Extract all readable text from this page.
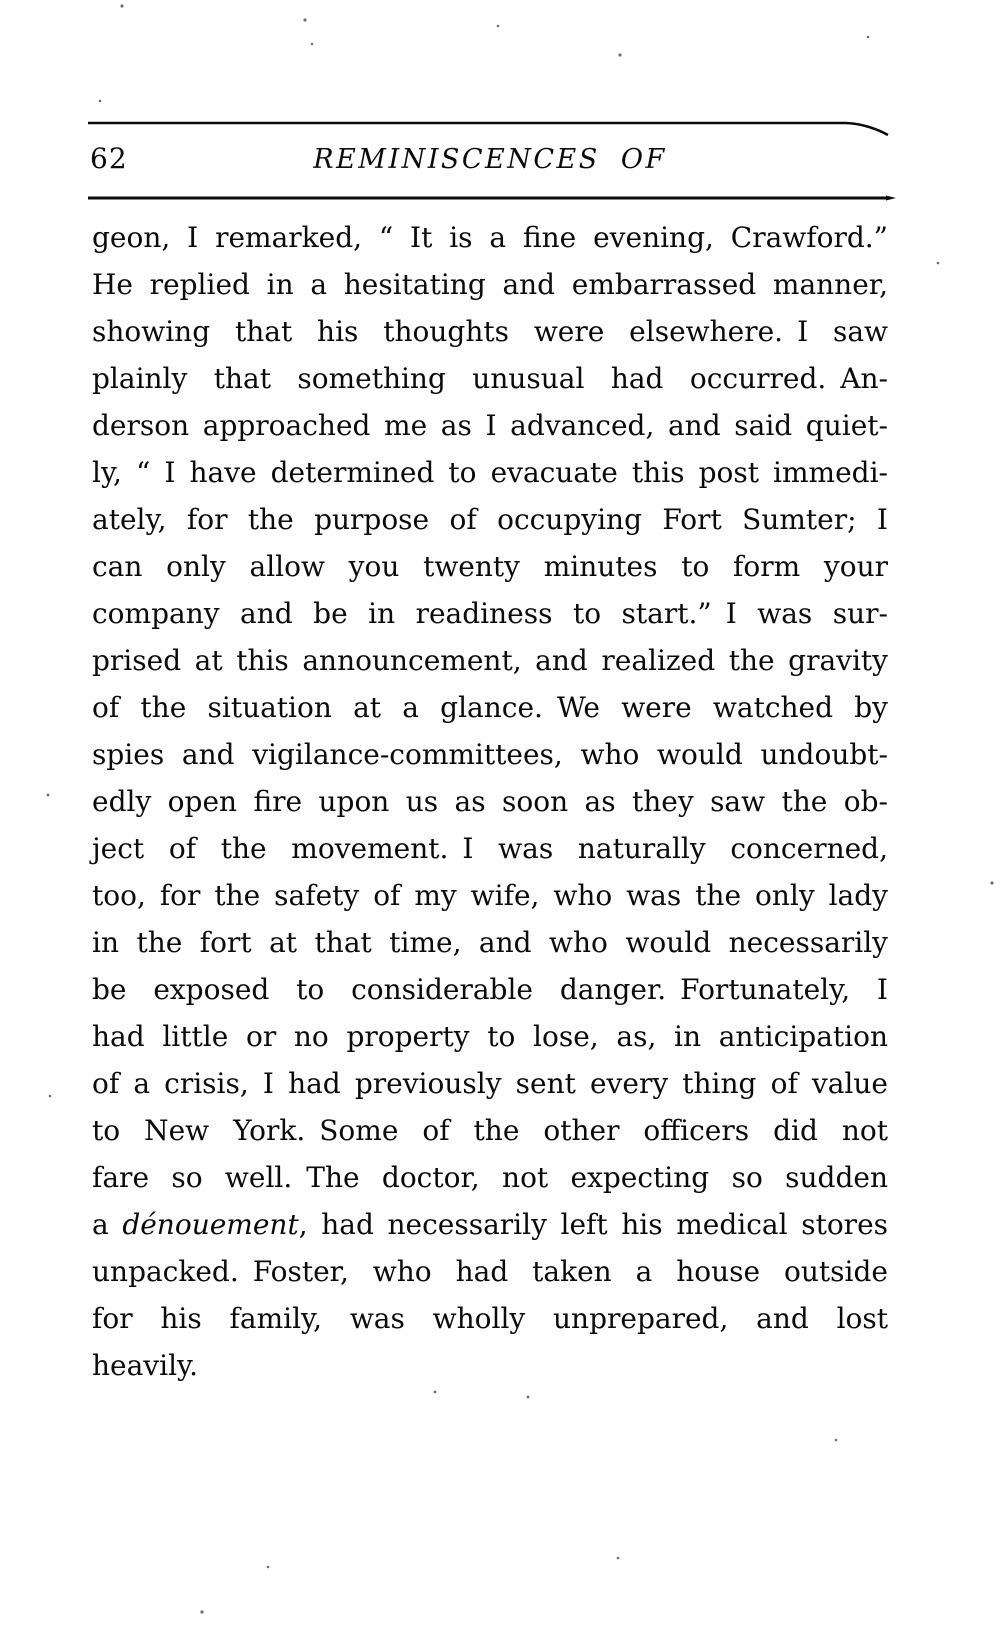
62	REMINISCENCES OF
geon, I remarked, “ It is a fine evening, Crawford.”
He replied in a hesitating and embarrassed manner,
showing that his thoughts were elsewhere. I saw
plainly that something unusual had occurred. An-
derson approached me as I advanced, and said quiet-
ly, “ I have determined to evacuate this post immedi-
ately, for the purpose of occupying Fort Sumter; I
can only allow you twenty minutes to form your
company and be in readiness to start.” I was sur-
prised at this announcement, and realized the gravity
of the situation at a glance. We were watched by
spies and vigilance-committees, who would undoubt-
edly open fire upon us as soon as they saw the ob-
ject of the movement. I was naturally concerned,
too, for the safety of my wife, who was the only lady
in the fort at that time, and who would necessarily
be exposed to considerable danger. Fortunately, I
had little or no property to lose, as, in anticipation
of a crisis, I had previously sent every thing of value
to New York. Some of the other officers did not
fare so well. The doctor, not expecting so sudden
a dénouement, had necessarily left his medical stores
unpacked. Foster, who had taken a house outside
for his family, was wholly unprepared, and lost
heavily.
